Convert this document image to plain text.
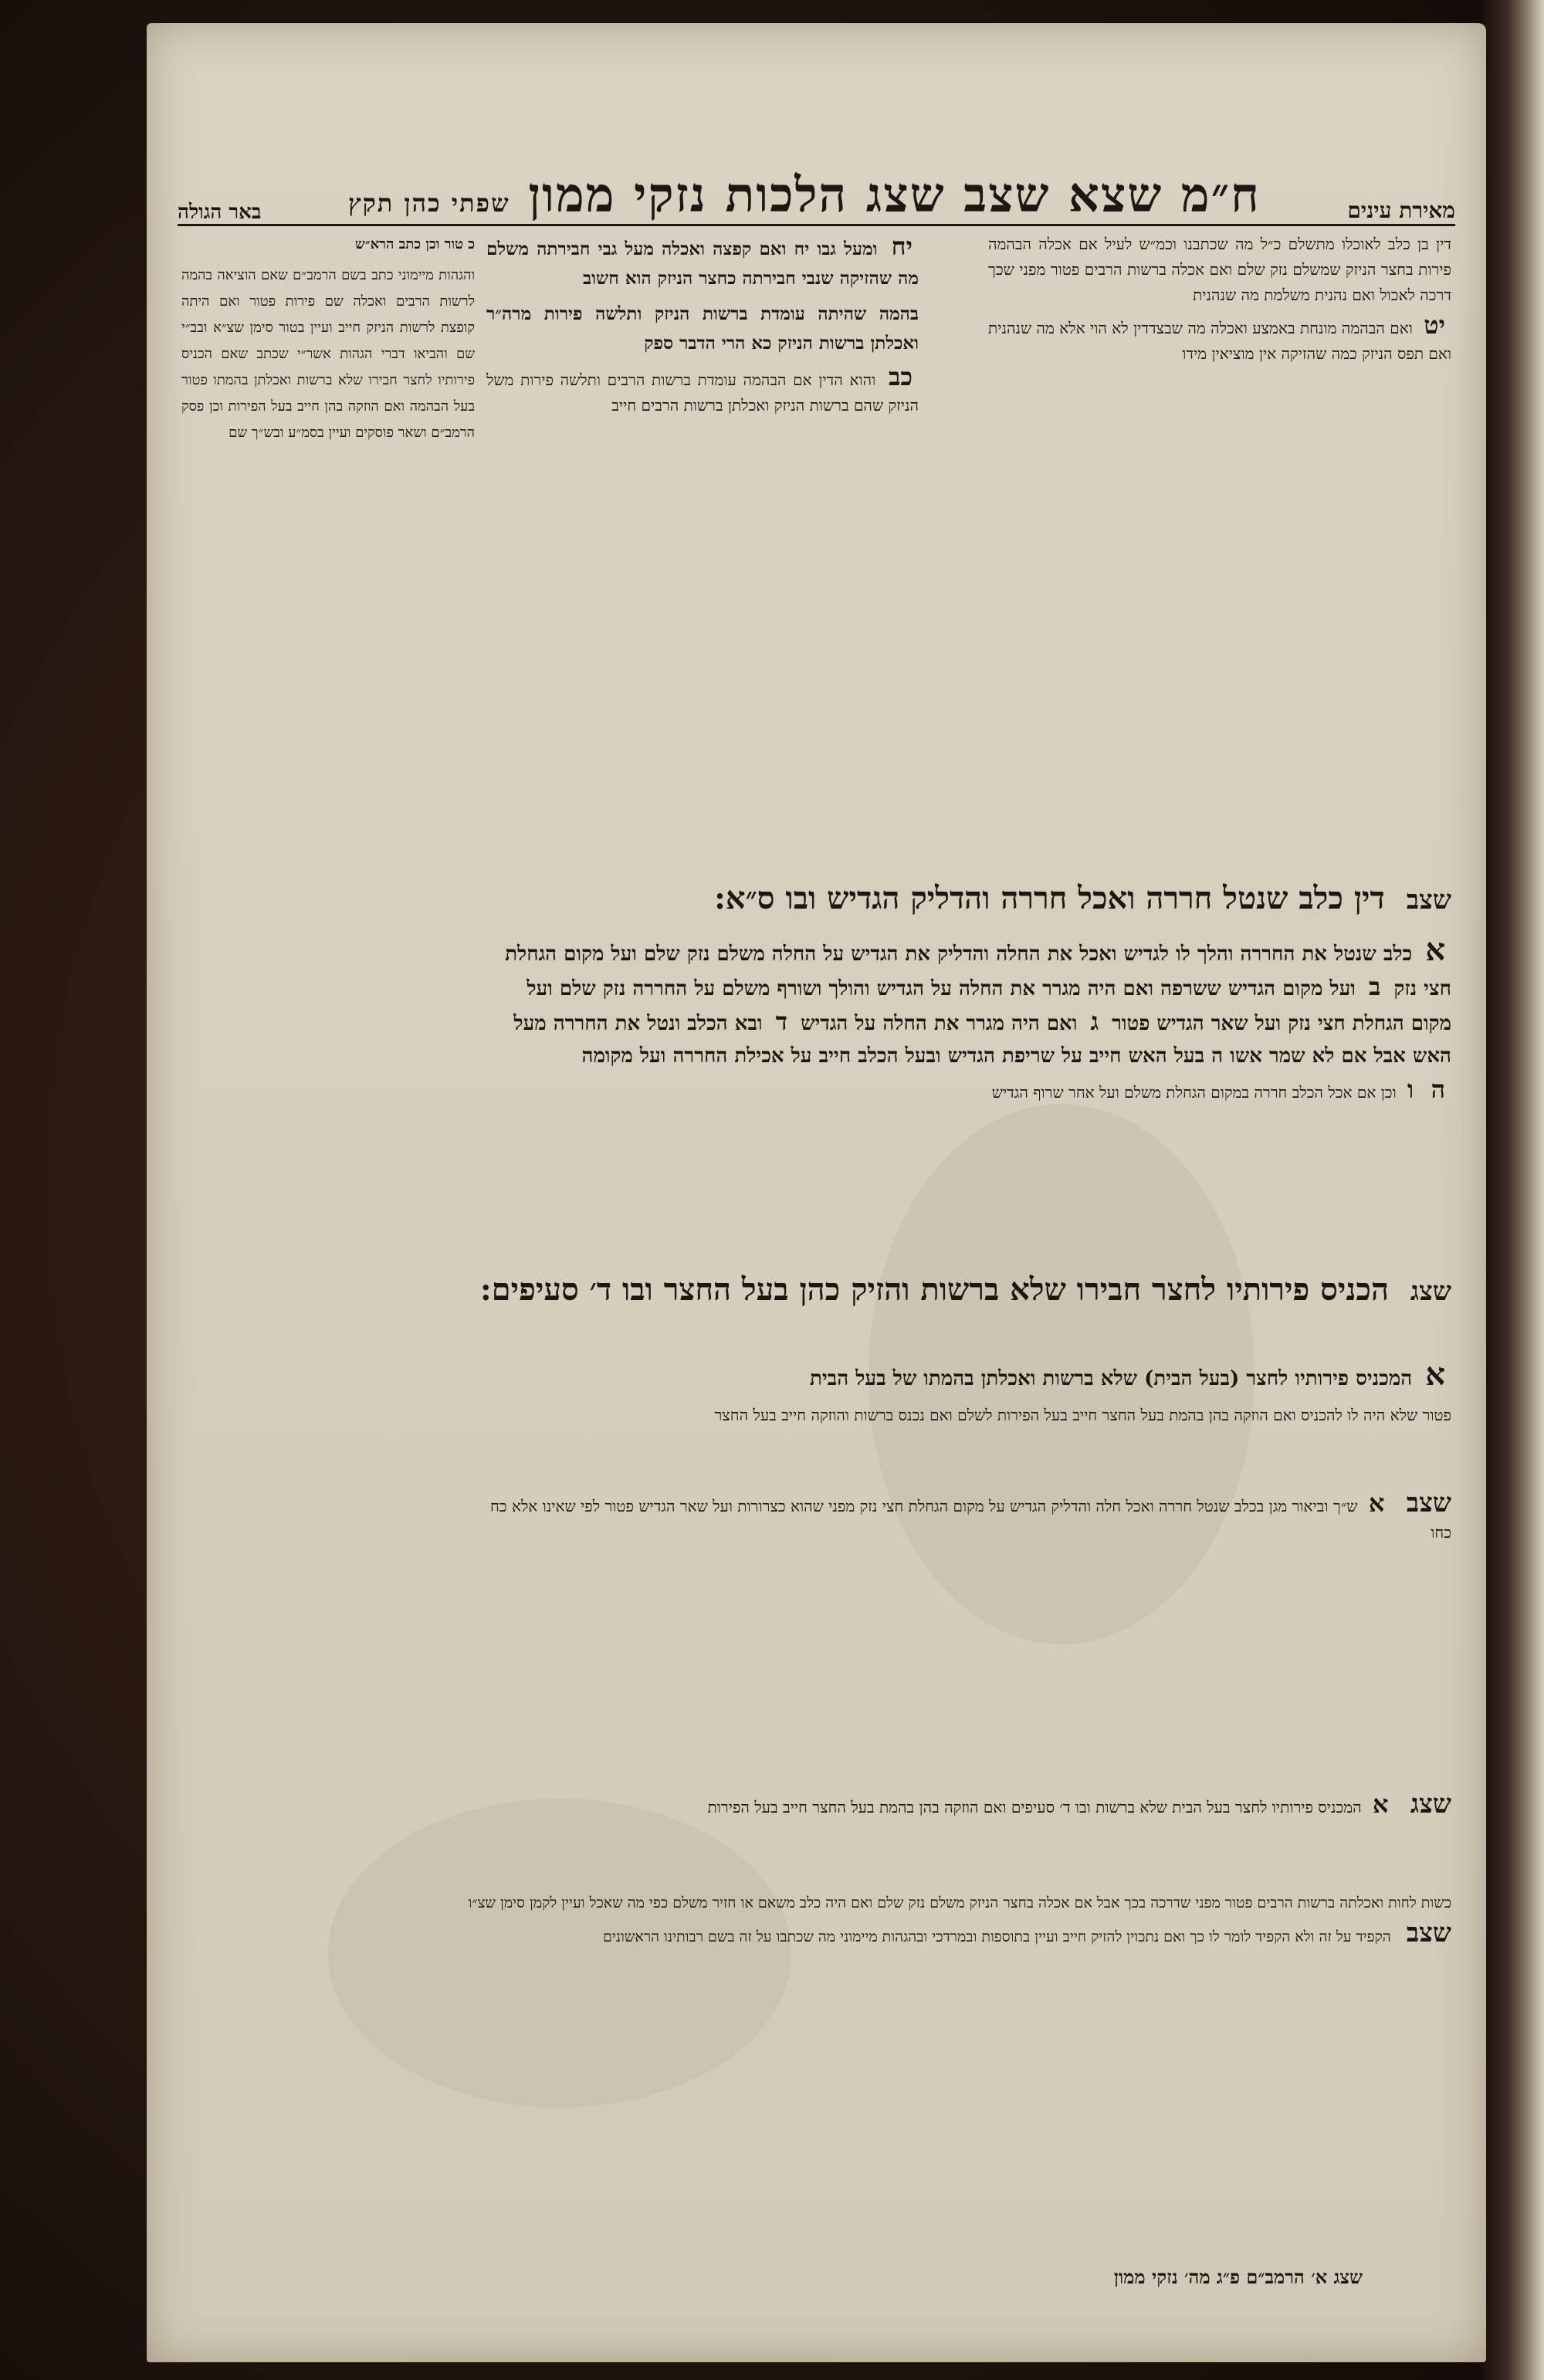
מאירת עינים
ח״מ שצא שצב שצג הלכות נזקי ממון שפתי כהן תקץ
באר הגולה

דין בן כלב לאוכלו מתשלם כ״ל מה שכתבנו וכמ״ש לעיל אם אכלה הבהמה פירות בחצר הניזק שמשלם נזק שלם ואם אכלה ברשות הרבים פטור מפני שכך דרכה לאכול ואם נהנית משלמת מה שנהנית

יט ואם הבהמה מונחת באמצע ואכלה מה שבצדדין לא הוי אלא מה שנהנית ואם תפס הניזק כמה שהזיקה אין מוציאין מידו

יח ומעל גבו יח ואם קפצה ואכלה מעל גבי חבירתה משלם מה שהזיקה שנבי חבירתה כחצר הניזק הוא חשוב

בהמה שהיתה עומדת ברשות הניזק ותלשה פירות מרה״ר ואכלתן ברשות הניזק כא הרי הדבר ספק

כב והוא הדין אם הבהמה עומדת ברשות הרבים ותלשה פירות משל הניזק שהם ברשות הניזק ואכלתן ברשות הרבים חייב

כ טור וכן כתב הרא״ש

והגהות מיימוני כתב בשם הרמב״ם שאם הוציאה בהמה לרשות הרבים ואכלה שם פירות פטור ואם היתה קופצת לרשות הניזק חייב ועיין בטור סימן שצ״א ובב״י שם והביאו דברי הגהות אשר״י שכתב שאם הכניס פירותיו לחצר חבירו שלא ברשות ואכלתן בהמתו פטור בעל הבהמה ואם הוזקה בהן חייב בעל הפירות וכן פסק הרמב״ם ושאר פוסקים ועיין בסמ״ע ובש״ך שם

שצב דין כלב שנטל חררה ואכל חררה והדליק הגדיש ובו ס״א:

א כלב שנטל את החררה והלך לו לגדיש ואכל את החלה והדליק את הגדיש על החלה משלם נזק שלם ועל מקום הגחלת חצי נזק ב ועל מקום הגדיש ששרפה ואם היה מגרר את החלה על הגדיש והולך ושורף משלם על החררה נזק שלם ועל מקום הגחלת חצי נזק ועל שאר הגדיש פטור ג ואם היה מגרר את החלה על הגדיש ד ובא הכלב ונטל את החררה מעל האש אבל אם לא שמר אשו ה בעל האש חייב על שריפת הגדיש ובעל הכלב חייב על אכילת החררה ועל מקומה

ה ו וכן אם אכל הכלב חררה במקום הגחלת משלם ועל אחר שרוף הגדיש

שצג הכניס פירותיו לחצר חבירו שלא ברשות והזיק כהן בעל החצר ובו ד׳ סעיפים:

א המכניס פירותיו לחצר (בעל הבית) שלא ברשות ואכלתן בהמתו של בעל הבית

פטור שלא היה לו להכניס ואם הוזקה בהן בהמת בעל החצר חייב בעל הפירות לשלם ואם נכנס ברשות והוזקה חייב בעל החצר

שצב א ש״ך וביאור מגן בכלב שנטל חררה ואכל חלה והדליק הגדיש על מקום הגחלת חצי נזק מפני שהוא כצרורות ועל שאר הגדיש פטור לפי שאינו אלא כח כחו

שצג א המכניס פירותיו לחצר בעל הבית שלא ברשות ובו ד׳ סעיפים ואם הוזקה בהן בהמת בעל החצר חייב בעל הפירות

כשות לחות ואכלתה ברשות הרבים פטור מפני שדרכה בכך אבל אם אכלה בחצר הניזק משלם נזק שלם ואם היה כלב משאם או חזיר משלם כפי מה שאכל ועיין לקמן סימן שצ״ו

שצב הקפיד על זה ולא הקפיד לומר לו כך ואם נתכוין להזיק חייב ועיין בתוספות ובמרדכי ובהגהות מיימוני מה שכתבו על זה בשם רבותינו הראשונים

שצג א׳ הרמב״ם פ״ג מה׳ נזקי ממון
